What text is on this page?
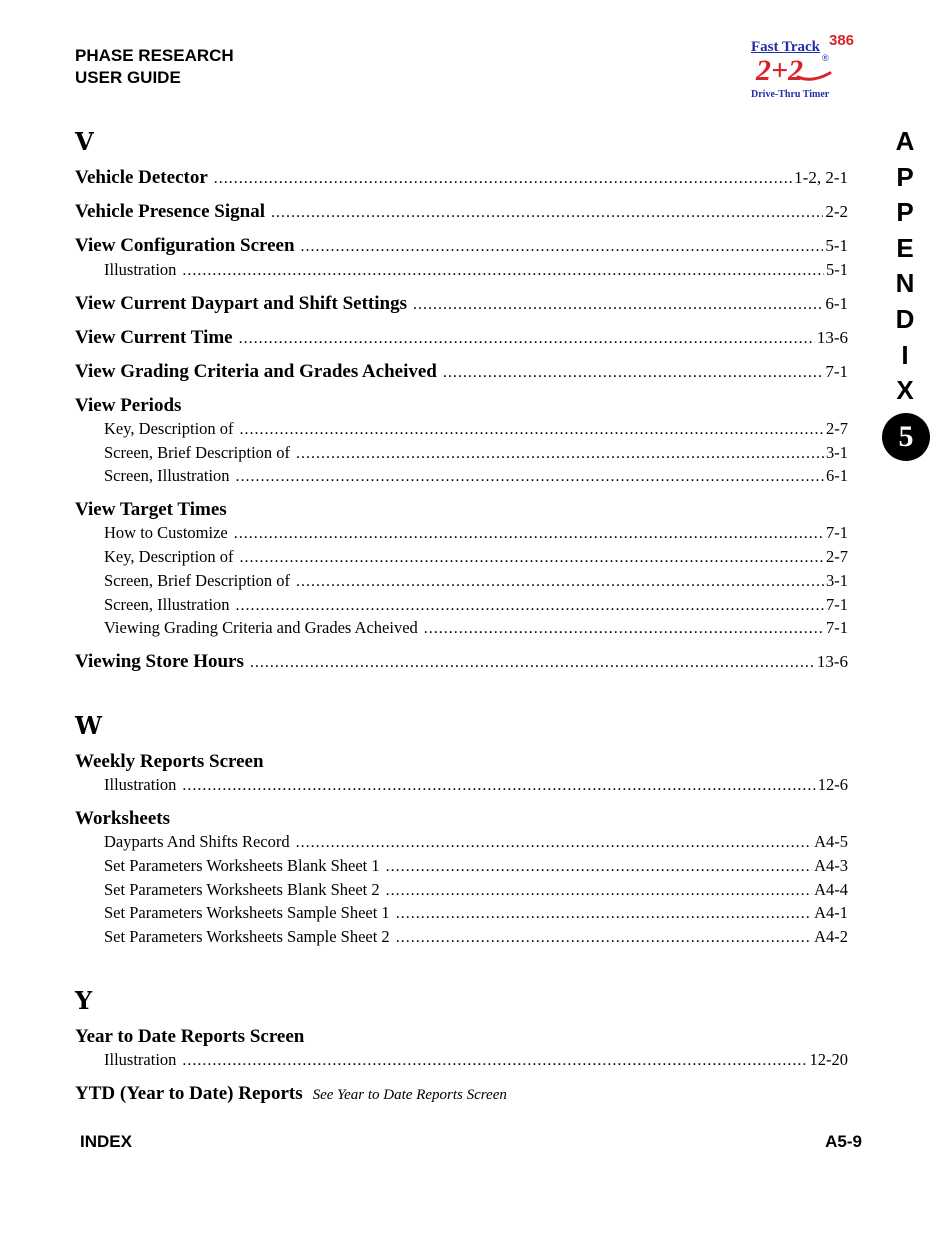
PHASE RESEARCH
USER GUIDE
Fast Track 386
®
2+2
Drive-Thru Timer
A
P
P
E
N
D
I
X
5
V
Vehicle Detector .....	1-2, 2-1
Vehicle Presence Signal .....	2-2
View Configuration Screen .....	5-1
Illustration .....	5-1
View Current Daypart and Shift Settings .....	6-1
View Current Time .....	13-6
View Grading Criteria and Grades Acheived .....	7-1
View Periods
Key, Description of .....	2-7
Screen, Brief Description of .....	3-1
Screen, Illustration .....	6-1
View Target Times
How to Customize .....	7-1
Key, Description of .....	2-7
Screen, Brief Description of .....	3-1
Screen, Illustration .....	7-1
Viewing Grading Criteria and Grades Acheived .....	7-1
Viewing Store Hours .....	13-6
W
Weekly Reports Screen
Illustration .....	12-6
Worksheets
Dayparts And Shifts Record .....	A4-5
Set Parameters Worksheets Blank Sheet 1 .....	A4-3
Set Parameters Worksheets Blank Sheet 2 .....	A4-4
Set Parameters Worksheets Sample Sheet 1 .....	A4-1
Set Parameters Worksheets Sample Sheet 2 .....	A4-2
Y
Year to Date Reports Screen
Illustration .....	12-20
YTD (Year to Date) Reports See Year to Date Reports Screen
INDEX	A5-9
